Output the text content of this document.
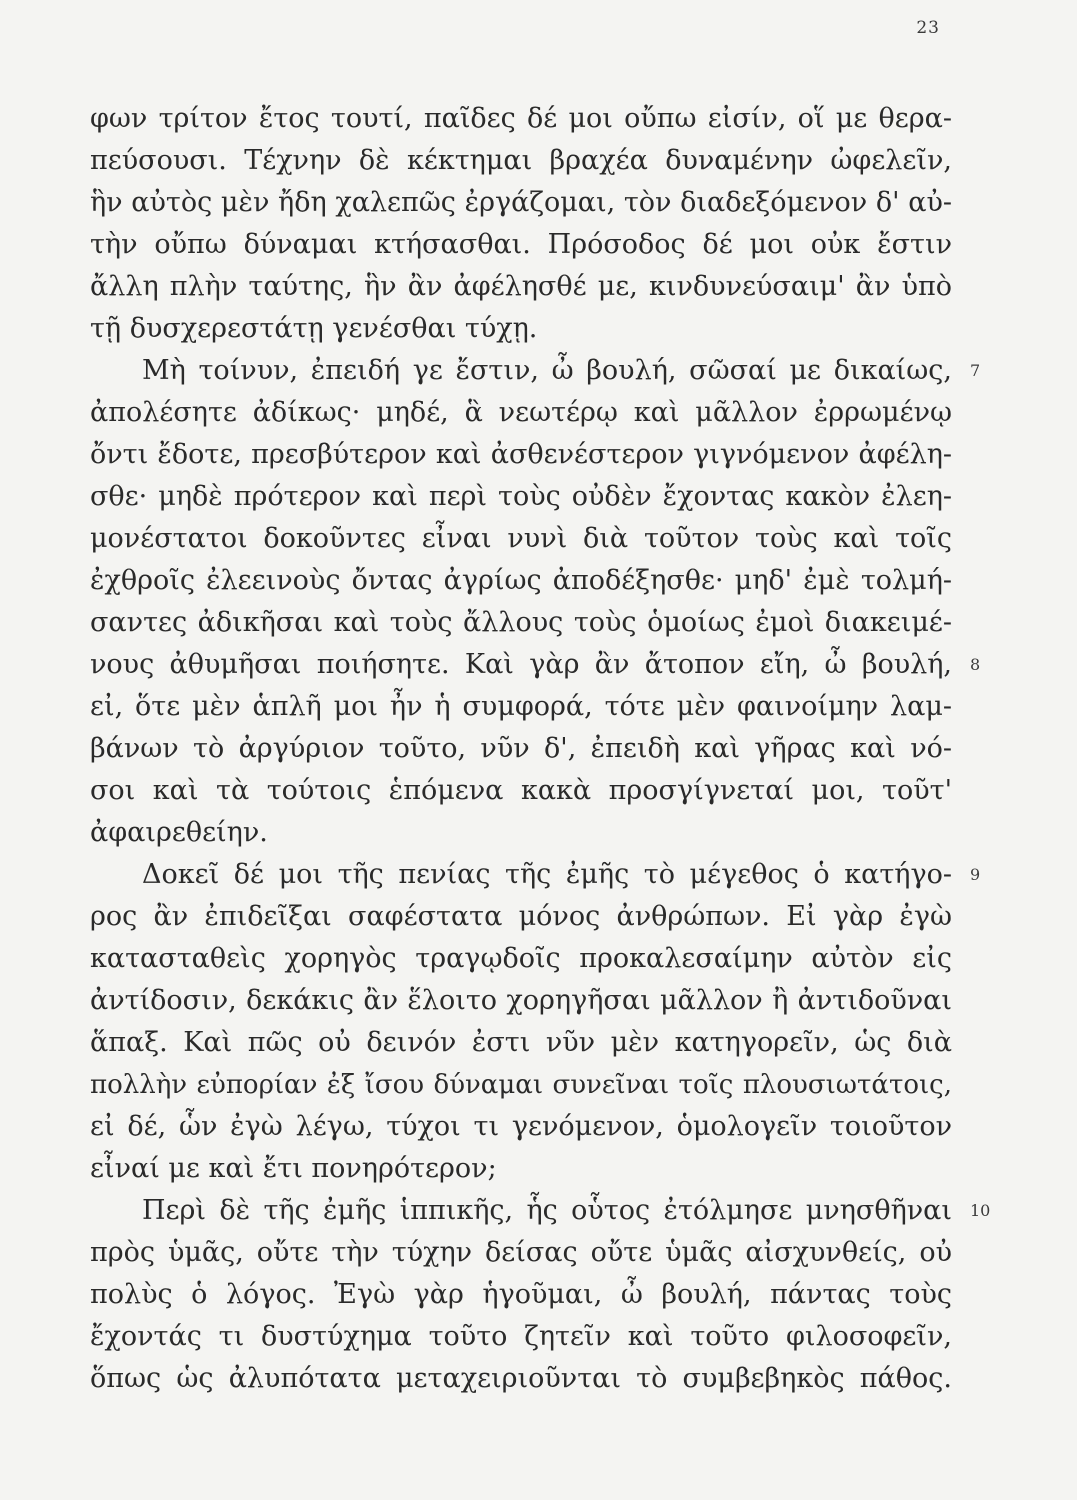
23
φων τρίτον ἔτος τουτί, παῖδες δέ μοι οὔπω εἰσίν, οἵ με θερα-
πεύσουσι. Τέχνην δὲ κέκτημαι βραχέα δυναμένην ὠφελεῖν,
ἣν αὐτὸς μὲν ἤδη χαλεπῶς ἐργάζομαι, τὸν διαδεξόμενον δ' αὐ-
τὴν οὔπω δύναμαι κτήσασθαι. Πρόσοδος δέ μοι οὐκ ἔστιν
ἄλλη πλὴν ταύτης, ἣν ἂν ἀφέλησθέ με, κινδυνεύσαιμ' ἂν ὑπὸ
τῇ δυσχερεστάτῃ γενέσθαι τύχῃ.
Μὴ τοίνυν, ἐπειδή γε ἔστιν, ὦ βουλή, σῶσαί με δικαίως, 7
ἀπολέσητε ἀδίκως· μηδέ, ἃ νεωτέρῳ καὶ μᾶλλον ἐρρωμένῳ
ὄντι ἔδοτε, πρεσβύτερον καὶ ἀσθενέστερον γιγνόμενον ἀφέλη-
σθε· μηδὲ πρότερον καὶ περὶ τοὺς οὐδὲν ἔχοντας κακὸν ἐλεη-
μονέστατοι δοκοῦντες εἶναι νυνὶ διὰ τοῦτον τοὺς καὶ τοῖς
ἐχθροῖς ἐλεεινοὺς ὄντας ἀγρίως ἀποδέξησθε· μηδ' ἐμὲ τολμή-
σαντες ἀδικῆσαι καὶ τοὺς ἄλλους τοὺς ὁμοίως ἐμοὶ διακειμέ-
νους ἀθυμῆσαι ποιήσητε. Καὶ γὰρ ἂν ἄτοπον εἴη, ὦ βουλή, 8
εἰ, ὅτε μὲν ἁπλῆ μοι ἦν ἡ συμφορά, τότε μὲν φαινοίμην λαμ-
βάνων τὸ ἀργύριον τοῦτο, νῦν δ', ἐπειδὴ καὶ γῆρας καὶ νό-
σοι καὶ τὰ τούτοις ἑπόμενα κακὰ προσγίγνεταί μοι, τοῦτ'
ἀφαιρεθείην.
Δοκεῖ δέ μοι τῆς πενίας τῆς ἐμῆς τὸ μέγεθος ὁ κατήγο- 9
ρος ἂν ἐπιδεῖξαι σαφέστατα μόνος ἀνθρώπων. Εἰ γὰρ ἐγὼ
κατασταθεὶς χορηγὸς τραγῳδοῖς προκαλεσαίμην αὐτὸν εἰς
ἀντίδοσιν, δεκάκις ἂν ἕλοιτο χορηγῆσαι μᾶλλον ἢ ἀντιδοῦναι
ἅπαξ. Καὶ πῶς οὐ δεινόν ἐστι νῦν μὲν κατηγορεῖν, ὡς διὰ
πολλὴν εὐπορίαν ἐξ ἴσου δύναμαι συνεῖναι τοῖς πλουσιωτάτοις,
εἰ δέ, ὧν ἐγὼ λέγω, τύχοι τι γενόμενον, ὁμολογεῖν τοιοῦτον
εἶναί με καὶ ἔτι πονηρότερον;
Περὶ δὲ τῆς ἐμῆς ἱππικῆς, ἧς οὗτος ἐτόλμησε μνησθῆναι 10
πρὸς ὑμᾶς, οὔτε τὴν τύχην δείσας οὔτε ὑμᾶς αἰσχυνθείς, οὐ
πολὺς ὁ λόγος. Ἐγὼ γὰρ ἡγοῦμαι, ὦ βουλή, πάντας τοὺς
ἔχοντάς τι δυστύχημα τοῦτο ζητεῖν καὶ τοῦτο φιλοσοφεῖν,
ὅπως ὡς ἀλυπότατα μεταχειριοῦνται τὸ συμβεβηκὸς πάθος.
